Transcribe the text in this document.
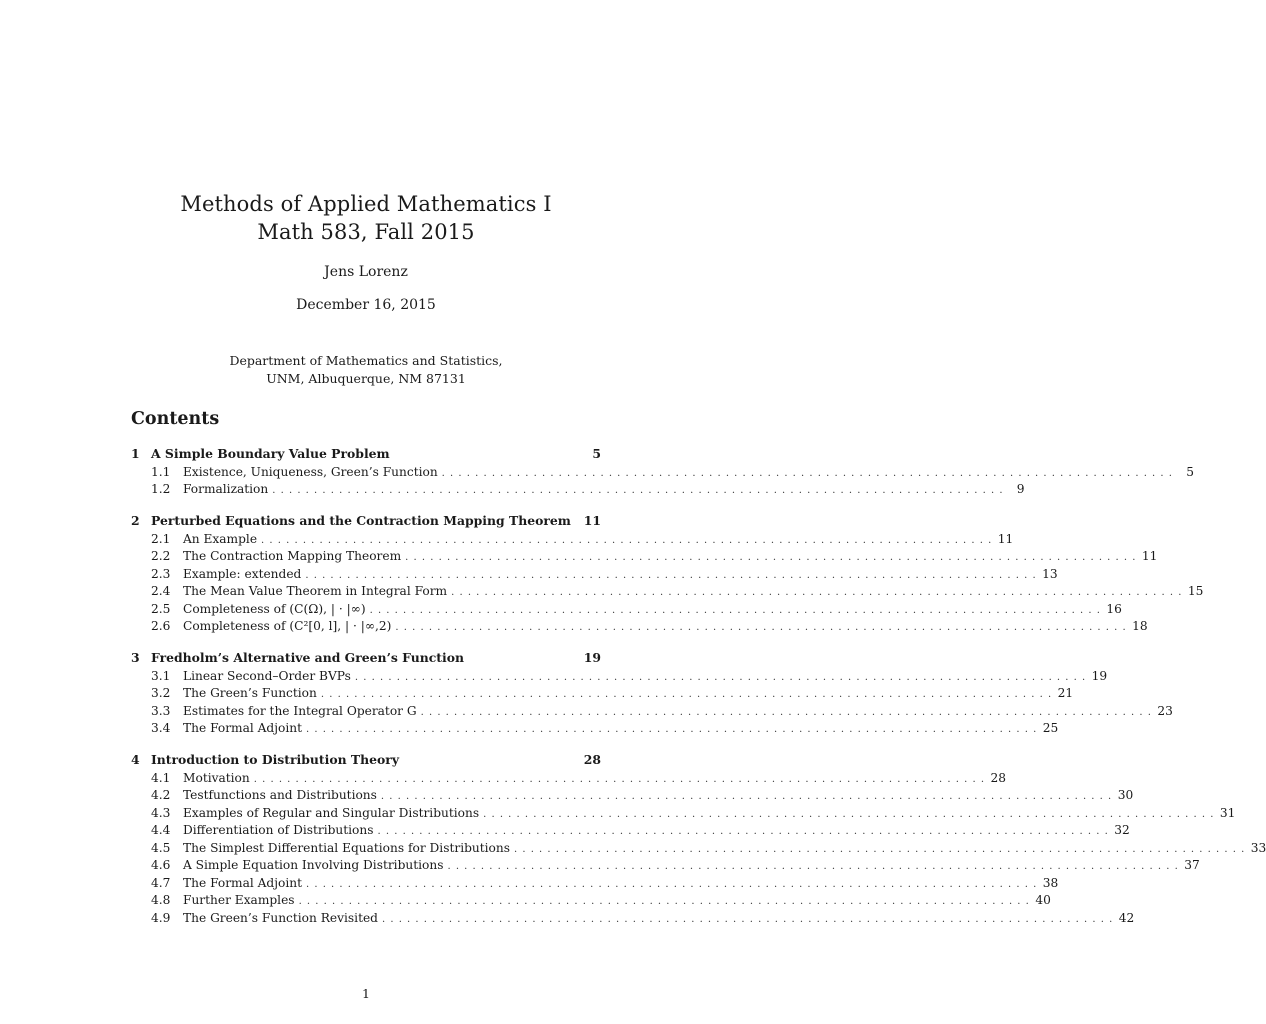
Methods of Applied Mathematics I
Math 583, Fall 2015
Jens Lorenz
December 16, 2015
Department of Mathematics and Statistics,
UNM, Albuquerque, NM 87131
Contents
1 A Simple Boundary Value Problem	5
1.1	Existence, Uniqueness, Green’s Function . . .	5
1.2	Formalization . . .	9
2 Perturbed Equations and the Contraction Mapping Theorem 11
2.1	An Example . . .	11
2.2	The Contraction Mapping Theorem . . .	11
2.3	Example: extended . . .	13
2.4	The Mean Value Theorem in Integral Form . . .	15
2.5	Completeness of (C(Ω), | · |∞) . . .	16
2.6	Completeness of (C²[0, l], | · |∞,2) . . .	18
3 Fredholm’s Alternative and Green’s Function	19
3.1	Linear Second–Order BVPs . . .	19
3.2	The Green’s Function . . .	21
3.3	Estimates for the Integral Operator G . . .	23
3.4	The Formal Adjoint . . .	25
4 Introduction to Distribution Theory	28
4.1	Motivation . . .	28
4.2	Testfunctions and Distributions . . .	30
4.3	Examples of Regular and Singular Distributions . . .	31
4.4	Differentiation of Distributions . . .	32
4.5	The Simplest Differential Equations for Distributions . . .	33
4.6	A Simple Equation Involving Distributions . . .	37
4.7	The Formal Adjoint . . .	38
4.8	Further Examples . . .	40
4.9	The Green’s Function Revisited . . .	42
1
